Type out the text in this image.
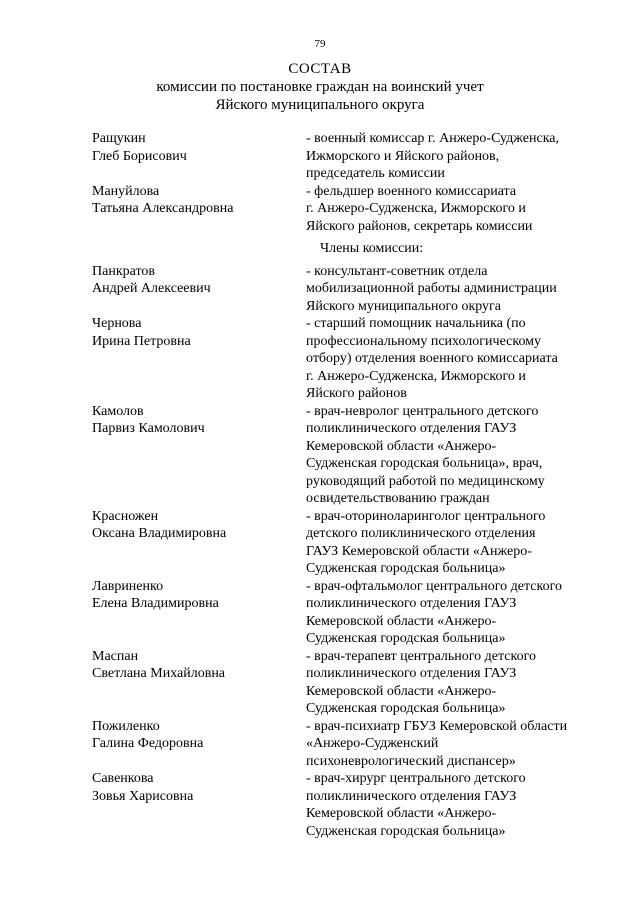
79
СОСТАВ
комиссии по постановке граждан на воинский учет
Яйского муниципального округа
Ращукин
Глеб Борисович
- военный комиссар г. Анжеро-Судженска,
Ижморского и Яйского районов,
председатель комиссии
Мануйлова
Татьяна Александровна
- фельдшер военного комиссариата
г. Анжеро-Судженска, Ижморского и
Яйского районов, секретарь комиссии
Члены комиссии:
Панкратов
Андрей Алексеевич
- консультант-советник отдела
мобилизационной работы администрации
Яйского муниципального округа
Чернова
Ирина Петровна
- старший помощник начальника (по
профессиональному психологическому
отбору) отделения военного комиссариата
г. Анжеро-Судженска, Ижморского и
Яйского районов
Камолов
Парвиз Камолович
- врач-невролог центрального детского
поликлинического отделения ГАУЗ
Кемеровской области «Анжеро-
Судженская городская больница», врач,
руководящий работой по медицинскому
освидетельствованию граждан
Красножен
Оксана Владимировна
- врач-оториноларинголог центрального
детского поликлинического отделения
ГАУЗ Кемеровской области «Анжеро-
Судженская городская больница»
Лавриненко
Елена Владимировна
- врач-офтальмолог центрального детского
поликлинического отделения ГАУЗ
Кемеровской области «Анжеро-
Судженская городская больница»
Маспан
Светлана Михайловна
- врач-терапевт центрального детского
поликлинического отделения ГАУЗ
Кемеровской области «Анжеро-
Судженская городская больница»
Пожиленко
Галина Федоровна
- врач-психиатр ГБУЗ Кемеровской области
«Анжеро-Судженский
психоневрологический диспансер»
Савенкова
Зовья Харисовна
- врач-хирург центрального детского
поликлинического отделения ГАУЗ
Кемеровской области «Анжеро-
Судженская городская больница»
